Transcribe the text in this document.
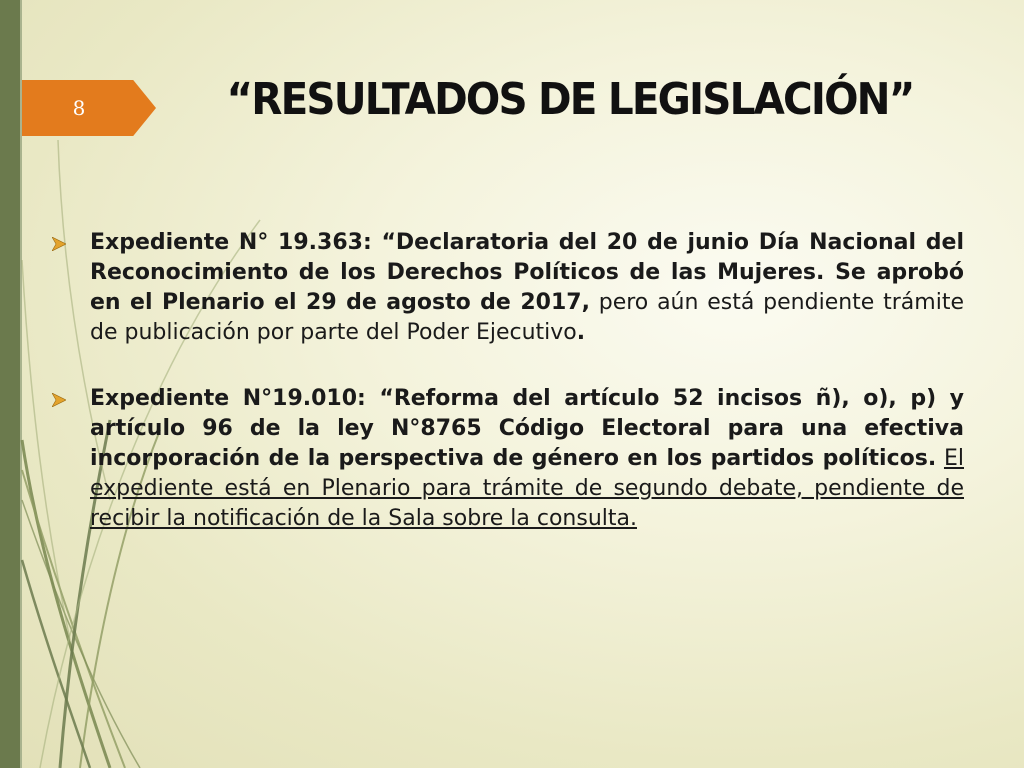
8	“RESULTADOS DE LEGISLACIÓN”
Expediente N° 19.363: “Declaratoria del 20 de junio Día Nacional del Reconocimiento de los Derechos Políticos de las Mujeres. Se aprobó en el Plenario el 29 de agosto de 2017, pero aún está pendiente trámite de publicación por parte del Poder Ejecutivo.
Expediente N°19.010: “Reforma del artículo 52 incisos ñ), o), p) y artículo 96 de la ley N°8765 Código Electoral para una efectiva incorporación de la perspectiva de género en los partidos políticos. El expediente está en Plenario para trámite de segundo debate, pendiente de recibir la notificación de la Sala sobre la consulta.
